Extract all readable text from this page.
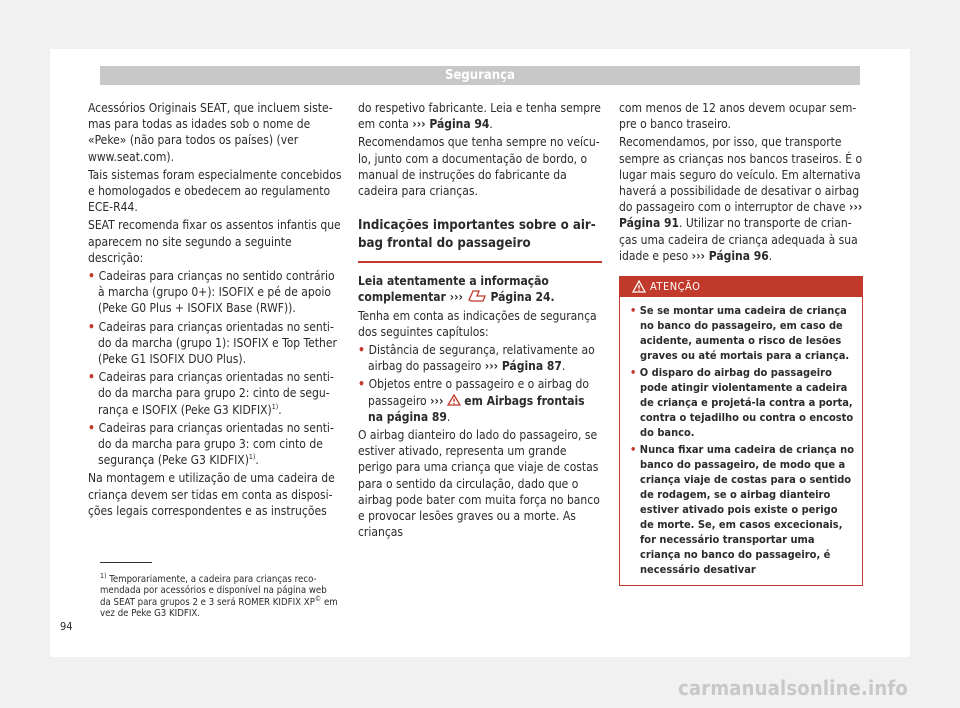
Segurança

Acessórios Originais SEAT, que incluem sistemas para todas as idades sob o nome de «Peke» (não para todos os países) (ver www.seat.com).

Tais sistemas foram especialmente concebidos e homologados e obedecem ao regulamento ECE-R44.

SEAT recomenda fixar os assentos infantis que aparecem no site segundo a seguinte descrição:

• Cadeiras para crianças no sentido contrário à marcha (grupo 0+): ISOFIX e pé de apoio (Peke G0 Plus + ISOFIX Base (RWF)).
• Cadeiras para crianças orientadas no sentido da marcha (grupo 1): ISOFIX e Top Tether (Peke G1 ISOFIX DUO Plus).
• Cadeiras para crianças orientadas no sentido da marcha para grupo 2: cinto de segurança e ISOFIX (Peke G3 KIDFIX)$^{1)}$.
• Cadeiras para crianças orientadas no sentido da marcha para grupo 3: com cinto de segurança (Peke G3 KIDFIX)$^{1)}$.

Na montagem e utilização de uma cadeira de criança devem ser tidas em conta as disposições legais correspondentes e as instruções

do respetivo fabricante. Leia e tenha sempre em conta ››› Página 94.

Recomendamos que tenha sempre no veículo, junto com a documentação de bordo, o manual de instruções do fabricante da cadeira para crianças.

Indicações importantes sobre o airbag frontal do passageiro

Leia atentamente a informação complementar ››› Página 24.

Tenha em conta as indicações de segurança dos seguintes capítulos:

• Distância de segurança, relativamente ao airbag do passageiro ››› Página 87.
• Objetos entre o passageiro e o airbag do passageiro ››› em Airbags frontais na página 89.

O airbag dianteiro do lado do passageiro, se estiver ativado, representa um grande perigo para uma criança que viaje de costas para o sentido da circulação, dado que o airbag pode bater com muita força no banco e provocar lesões graves ou a morte. As crianças

com menos de 12 anos devem ocupar sempre o banco traseiro.

Recomendamos, por isso, que transporte sempre as crianças nos bancos traseiros. É o lugar mais seguro do veículo. Em alternativa haverá a possibilidade de desativar o airbag do passageiro com o interruptor de chave ››› Página 91. Utilizar no transporte de crianças uma cadeira de criança adequada à sua idade e peso ››› Página 96.

ATENÇÃO
• Se se montar uma cadeira de criança no banco do passageiro, em caso de acidente, aumenta o risco de lesões graves ou até mortais para a criança.
• O disparo do airbag do passageiro pode atingir violentamente a cadeira de criança e projetá-la contra a porta, contra o tejadilho ou contra o encosto do banco.
• Nunca fixar uma cadeira de criança no banco do passageiro, de modo que a criança viaje de costas para o sentido de rodagem, se o airbag dianteiro estiver ativado pois existe o perigo de morte. Se, em casos excecionais, for necessário transportar uma criança no banco do passageiro, é necessário desativar
$^{1)}$ Temporariamente, a cadeira para crianças recomendada por acessórios e disponível na página web da SEAT para grupos 2 e 3 será ROMER KIDFIX XP© em vez de Peke G3 KIDFIX.
94
carmanualsonline.info
